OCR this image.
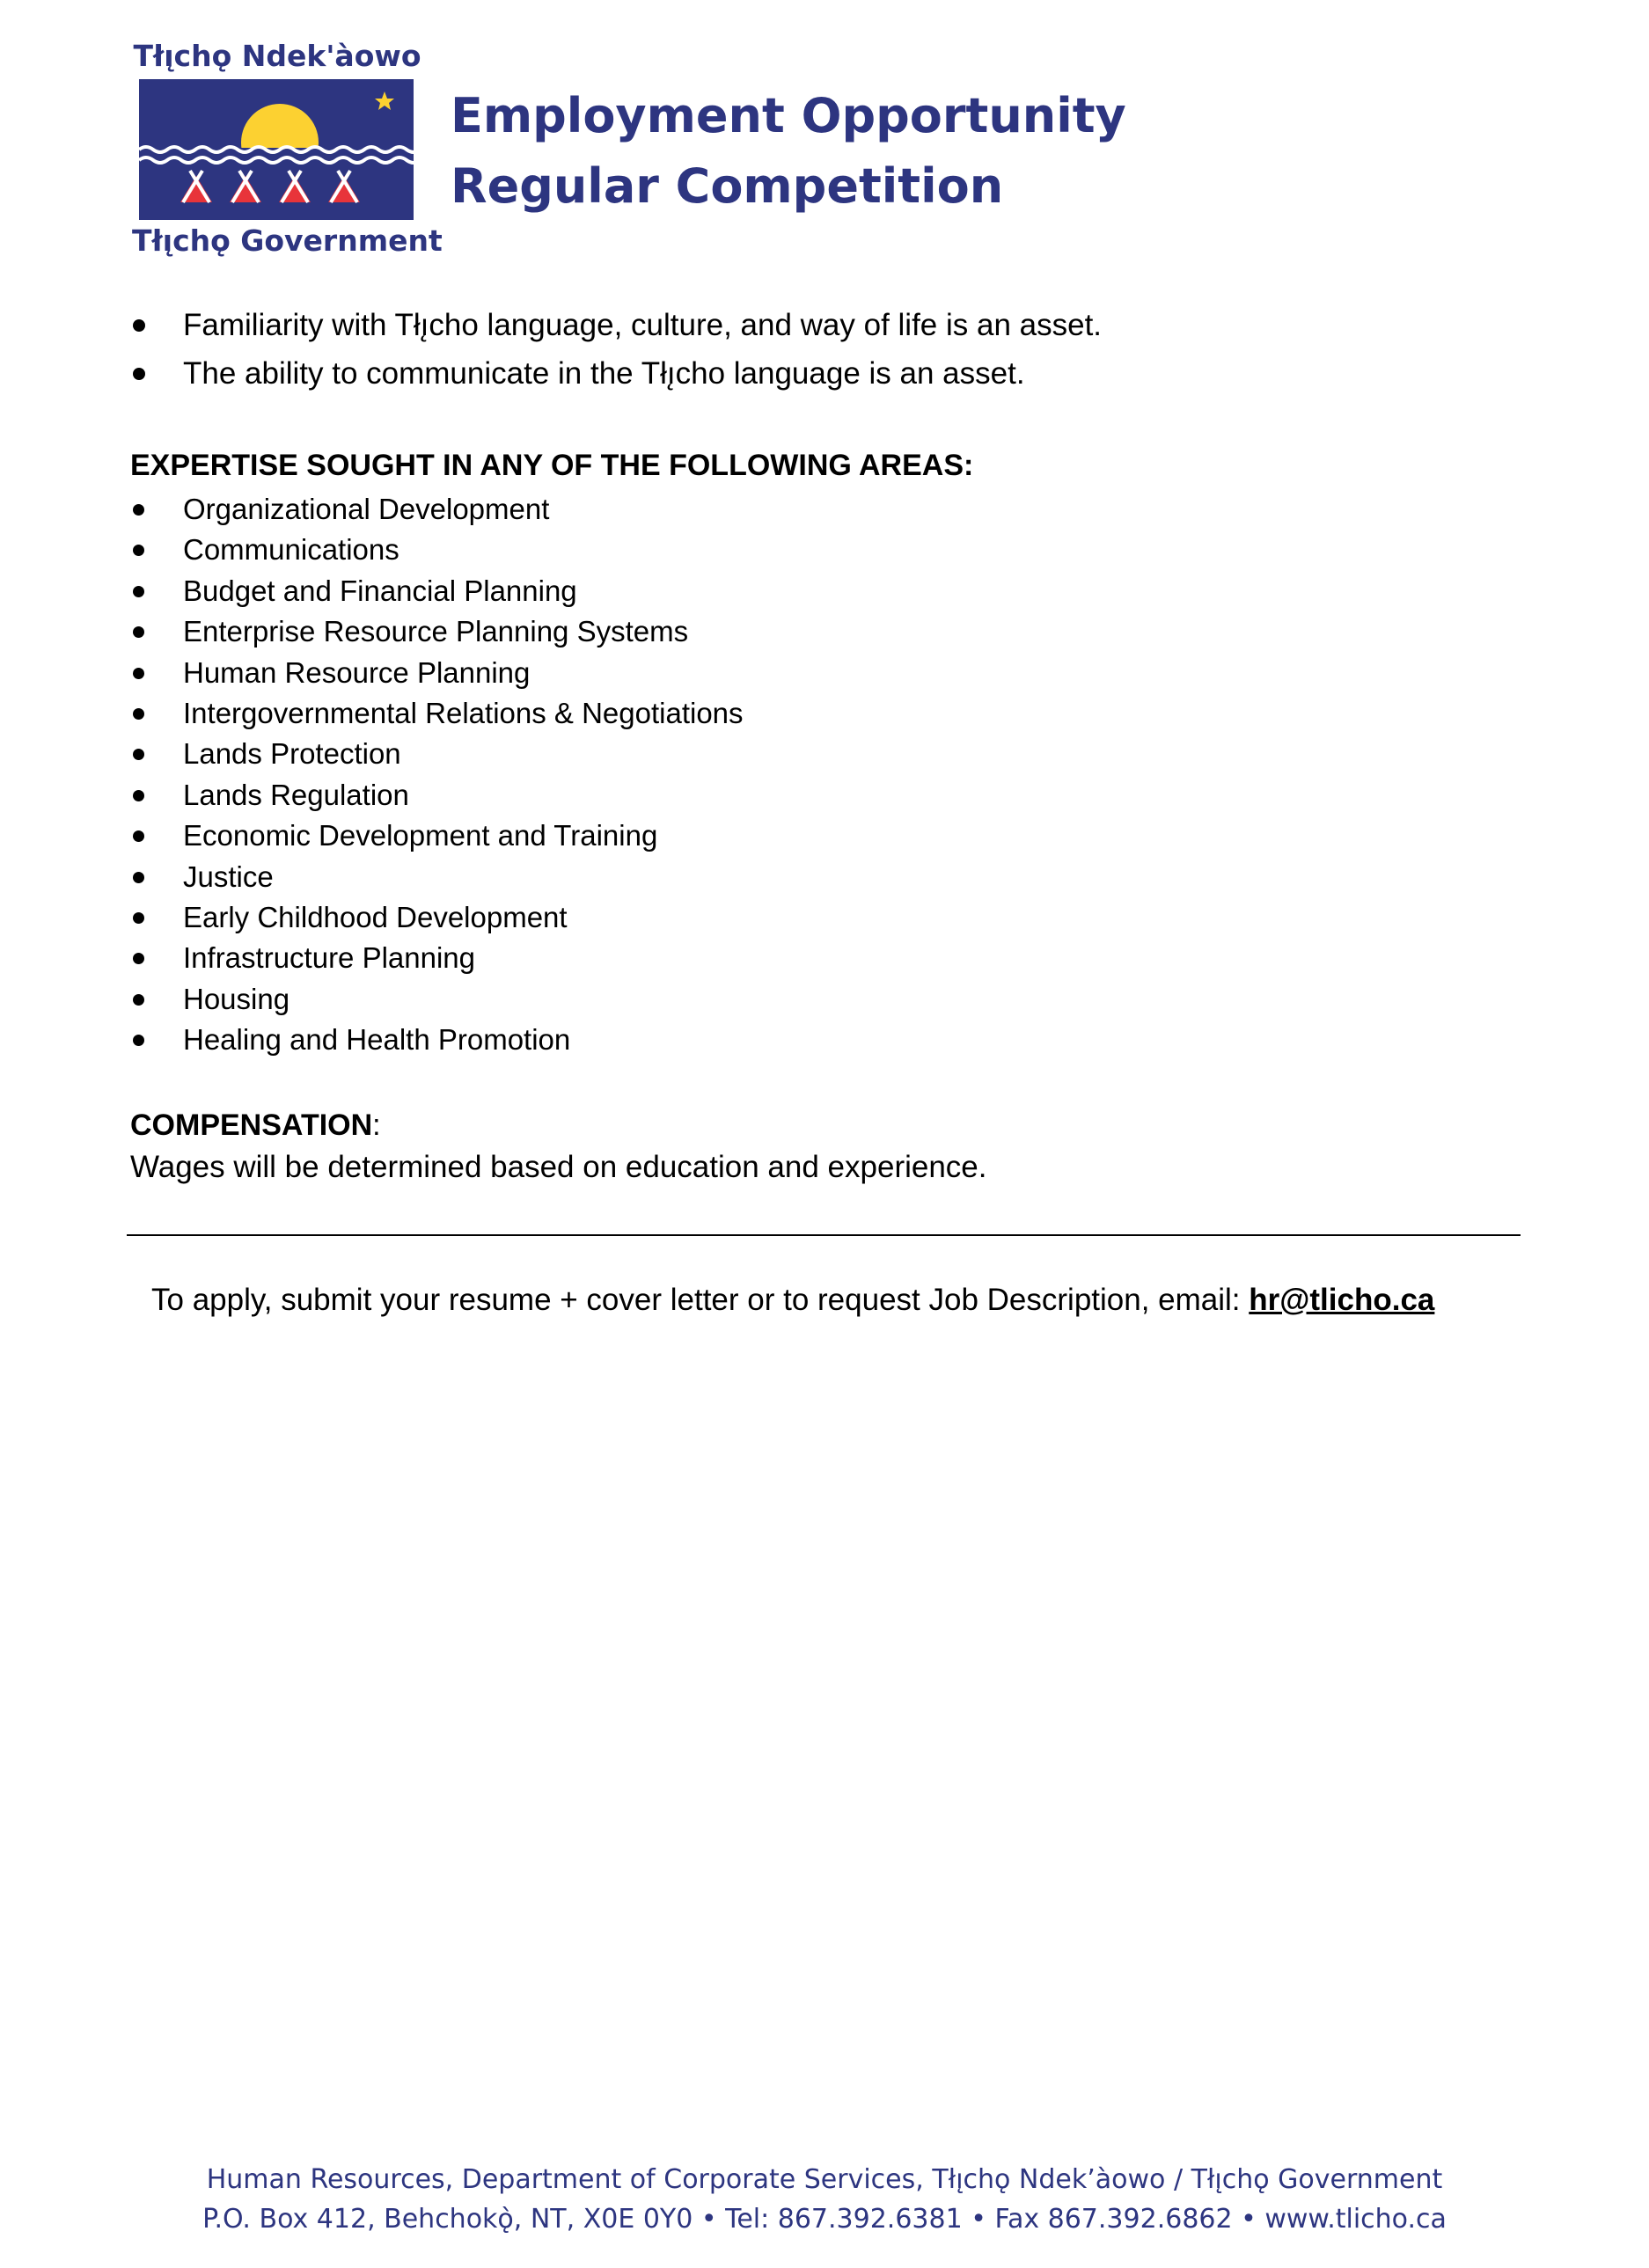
Tłı̨chǫ Ndek'àowo
Tłı̨chǫ Government
Employment Opportunity
Regular Competition
Familiarity with Tłı̨cho language, culture, and way of life is an asset.
The ability to communicate in the Tłı̨cho language is an asset.
EXPERTISE SOUGHT IN ANY OF THE FOLLOWING AREAS:
Organizational Development
Communications
Budget and Financial Planning
Enterprise Resource Planning Systems
Human Resource Planning
Intergovernmental Relations & Negotiations
Lands Protection
Lands Regulation
Economic Development and Training
Justice
Early Childhood Development
Infrastructure Planning
Housing
Healing and Health Promotion
COMPENSATION:
Wages will be determined based on education and experience.
To apply, submit your resume + cover letter or to request Job Description, email: hr@tlicho.ca
Human Resources, Department of Corporate Services, Tłı̨chǫ Ndek’àowo / Tłı̨chǫ Government
P.O. Box 412, Behchokǫ̀, NT, X0E 0Y0 • Tel: 867.392.6381 • Fax 867.392.6862 • www.tlicho.ca
